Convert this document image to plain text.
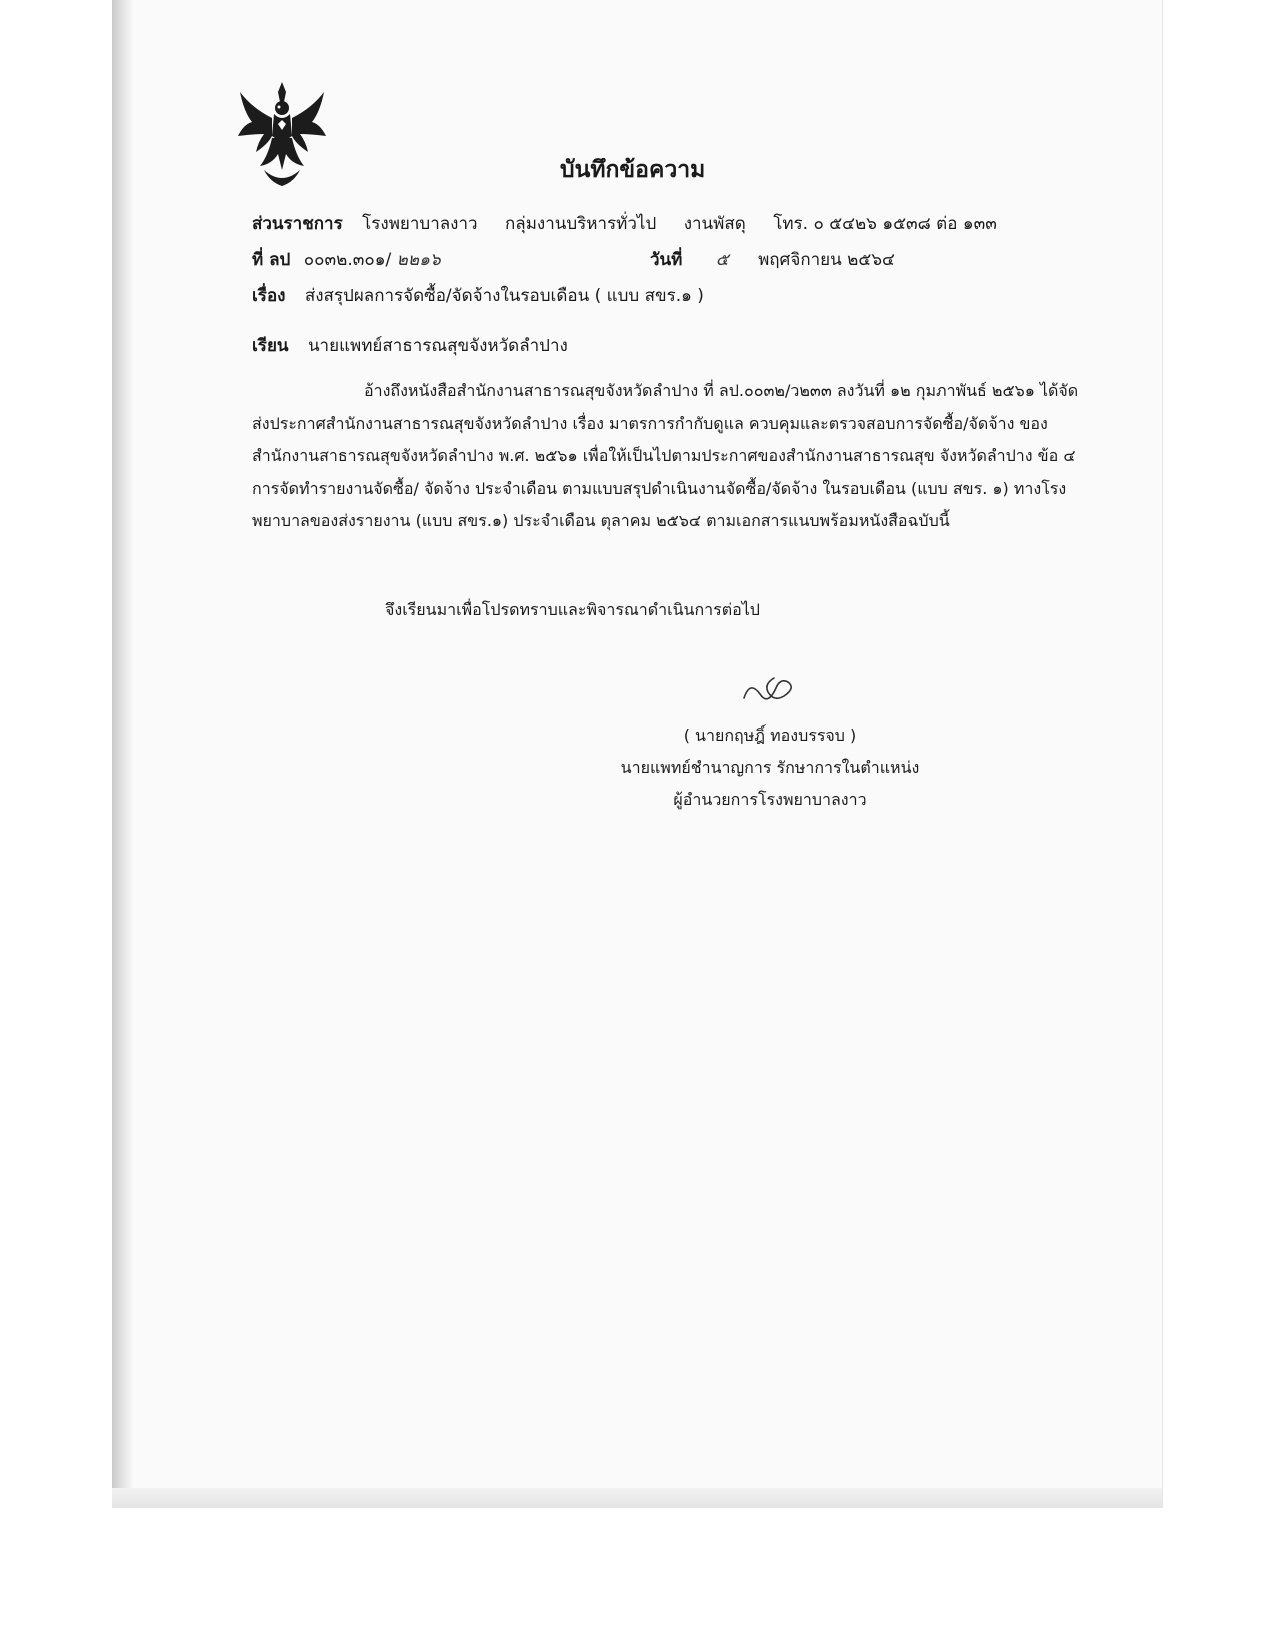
บันทึกข้อความ
ส่วนราชการ โรงพยาบาลงาว กลุ่มงานบริหารทั่วไป งานพัสดุ โทร. ๐ ๕๔๒๖ ๑๕๓๘ ต่อ ๑๓๓
ที่ ลป ๐๐๓๒.๓๐๑/ ๒๒๑๖	วันที่ ๕ พฤศจิกายน ๒๕๖๔
เรื่อง ส่งสรุปผลการจัดซื้อ/จัดจ้างในรอบเดือน ( แบบ สขร.๑ )
เรียน นายแพทย์สาธารณสุขจังหวัดลำปาง
อ้างถึงหนังสือสำนักงานสาธารณสุขจังหวัดลำปาง ที่ ลป.๐๐๓๒/ว๒๓๓ ลงวันที่ ๑๒ กุมภาพันธ์ ๒๕๖๑ ได้จัดส่งประกาศสำนักงานสาธารณสุขจังหวัดลำปาง เรื่อง มาตรการกำกับดูแล ควบคุมและตรวจสอบการจัดซื้อ/จัดจ้าง ของสำนักงานสาธารณสุขจังหวัดลำปาง พ.ศ. ๒๕๖๑ เพื่อให้เป็นไปตามประกาศของสำนักงานสาธารณสุข จังหวัดลำปาง ข้อ ๔ การจัดทำรายงานจัดซื้อ/ จัดจ้าง ประจำเดือน ตามแบบสรุปดำเนินงานจัดซื้อ/จัดจ้าง ในรอบเดือน (แบบ สขร. ๑) ทางโรงพยาบาลของส่งรายงาน (แบบ สขร.๑) ประจำเดือน ตุลาคม ๒๕๖๔ ตามเอกสารแนบพร้อมหนังสือฉบับนี้
จึงเรียนมาเพื่อโปรดทราบและพิจารณาดำเนินการต่อไป
( นายกฤษฎิ์ ทองบรรจบ )
นายแพทย์ชำนาญการ รักษาการในตำแหน่ง
ผู้อำนวยการโรงพยาบาลงาว
